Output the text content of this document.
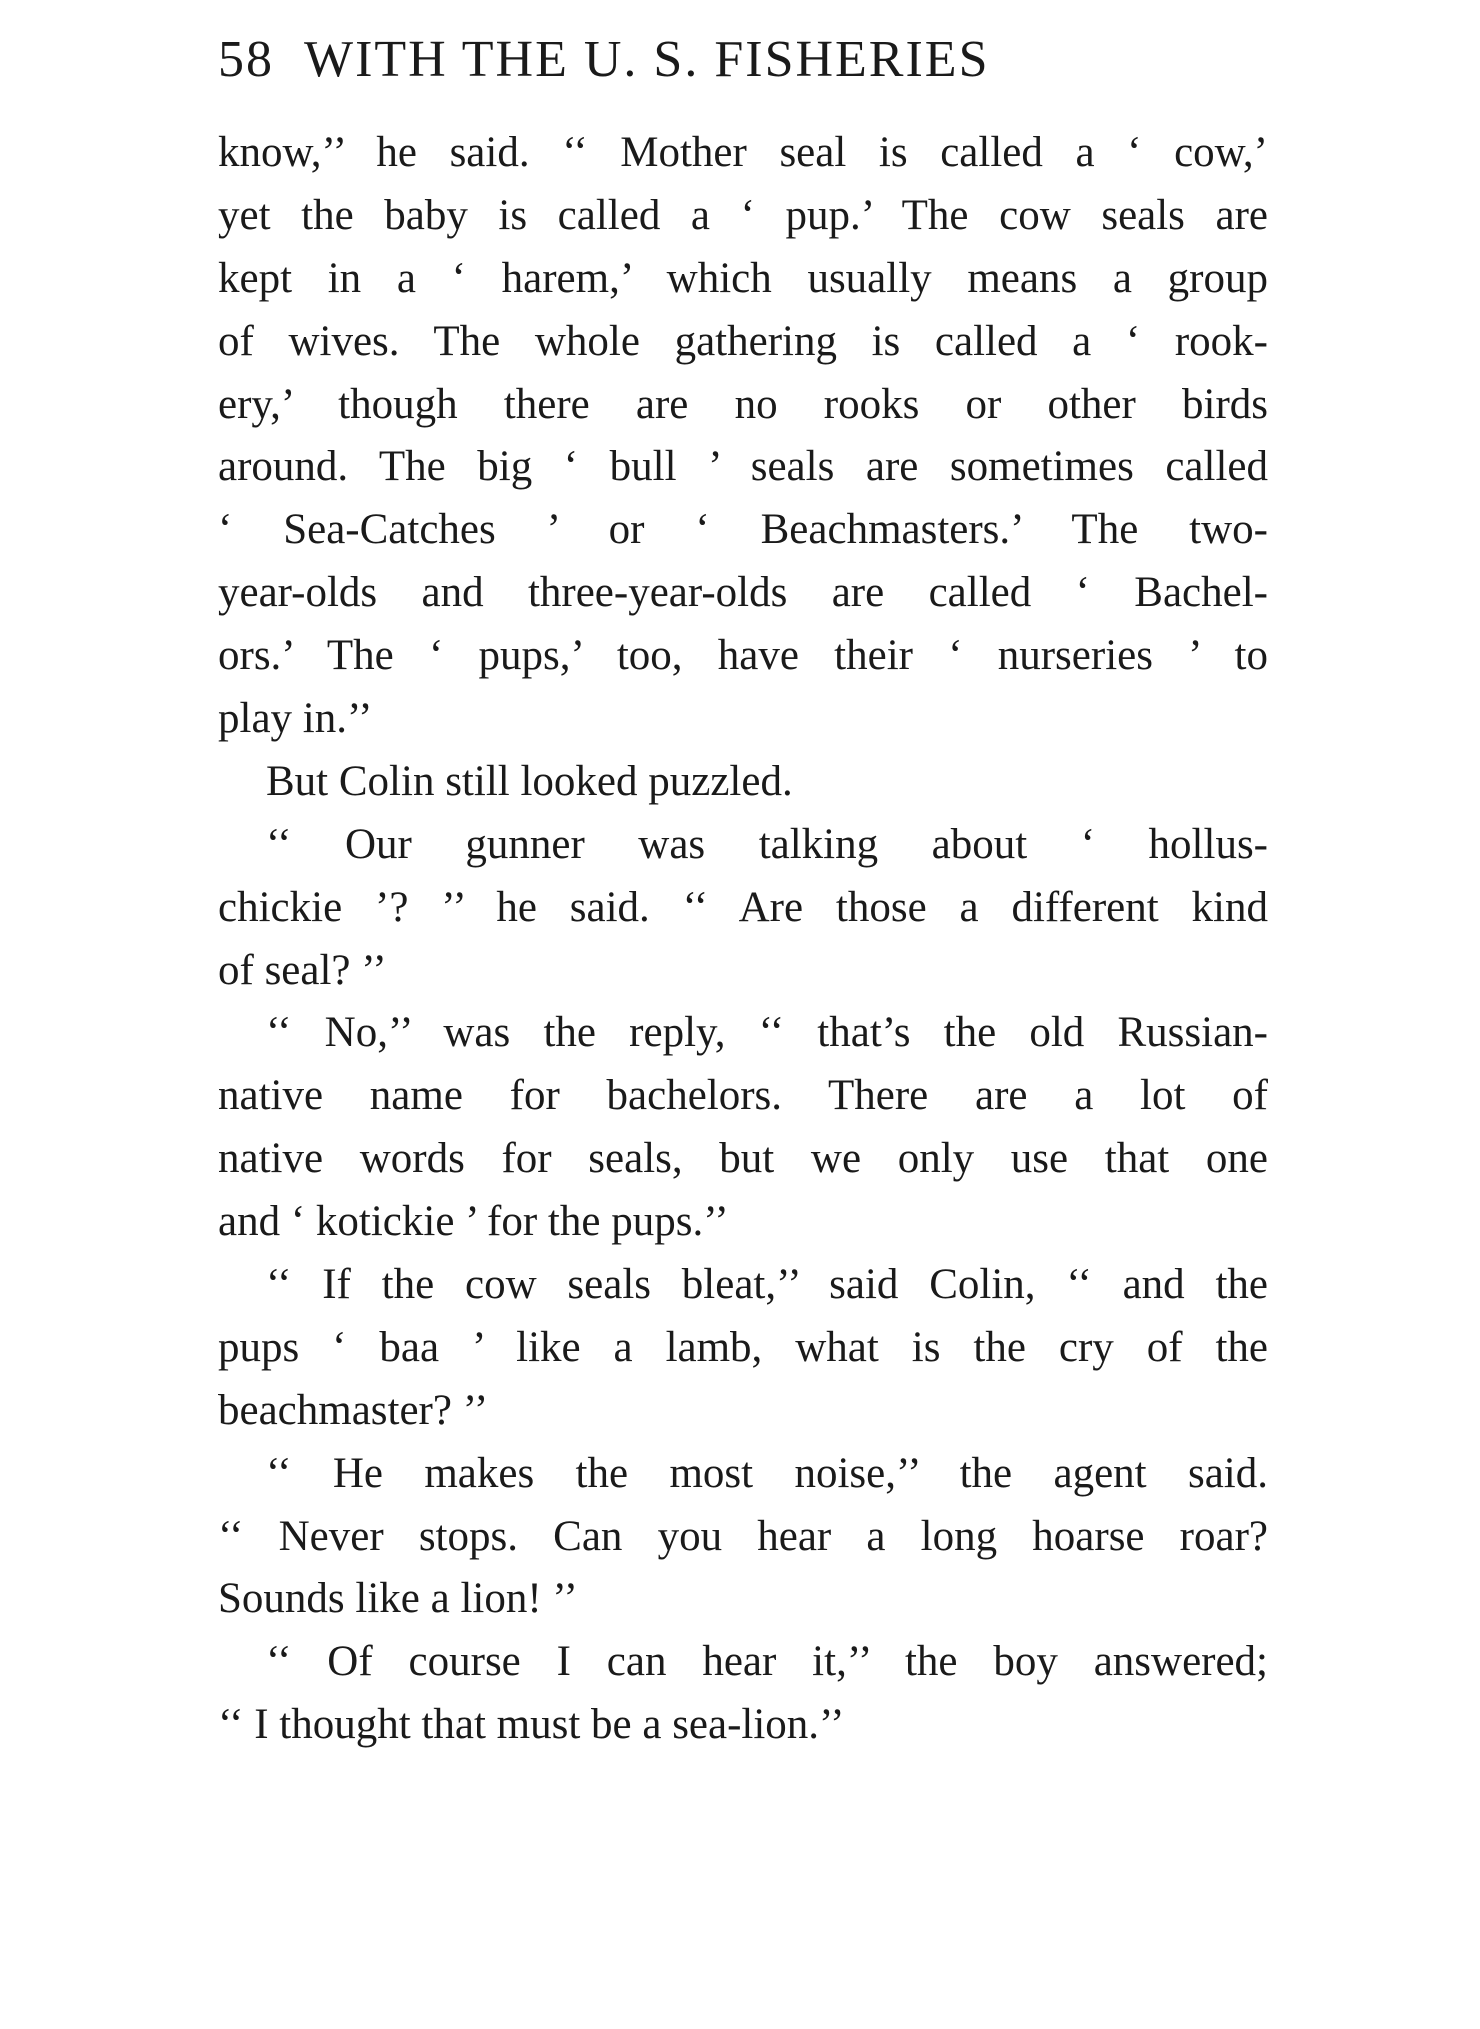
58 WITH THE U. S. FISHERIES
know,’’ he said. ‘‘ Mother seal is called a ‘ cow,’
yet the baby is called a ‘ pup.’ The cow seals are
kept in a ‘ harem,’ which usually means a group
of wives. The whole gathering is called a ‘ rook-
ery,’ though there are no rooks or other birds
around. The big ‘ bull ’ seals are sometimes called
‘ Sea-Catches ’ or ‘ Beachmasters.’ The two-
year-olds and three-year-olds are called ‘ Bachel-
ors.’ The ‘ pups,’ too, have their ‘ nurseries ’ to
play in.’’
But Colin still looked puzzled.
‘‘ Our gunner was talking about ‘ hollus-
chickie ’? ’’ he said. ‘‘ Are those a different kind
of seal? ’’
‘‘ No,’’ was the reply, ‘‘ that’s the old Russian-
native name for bachelors. There are a lot of
native words for seals, but we only use that one
and ‘ kotickie ’ for the pups.’’
‘‘ If the cow seals bleat,’’ said Colin, ‘‘ and the
pups ‘ baa ’ like a lamb, what is the cry of the
beachmaster? ’’
‘‘ He makes the most noise,’’ the agent said.
‘‘ Never stops. Can you hear a long hoarse roar?
Sounds like a lion! ’’
‘‘ Of course I can hear it,’’ the boy answered;
‘‘ I thought that must be a sea-lion.’’
